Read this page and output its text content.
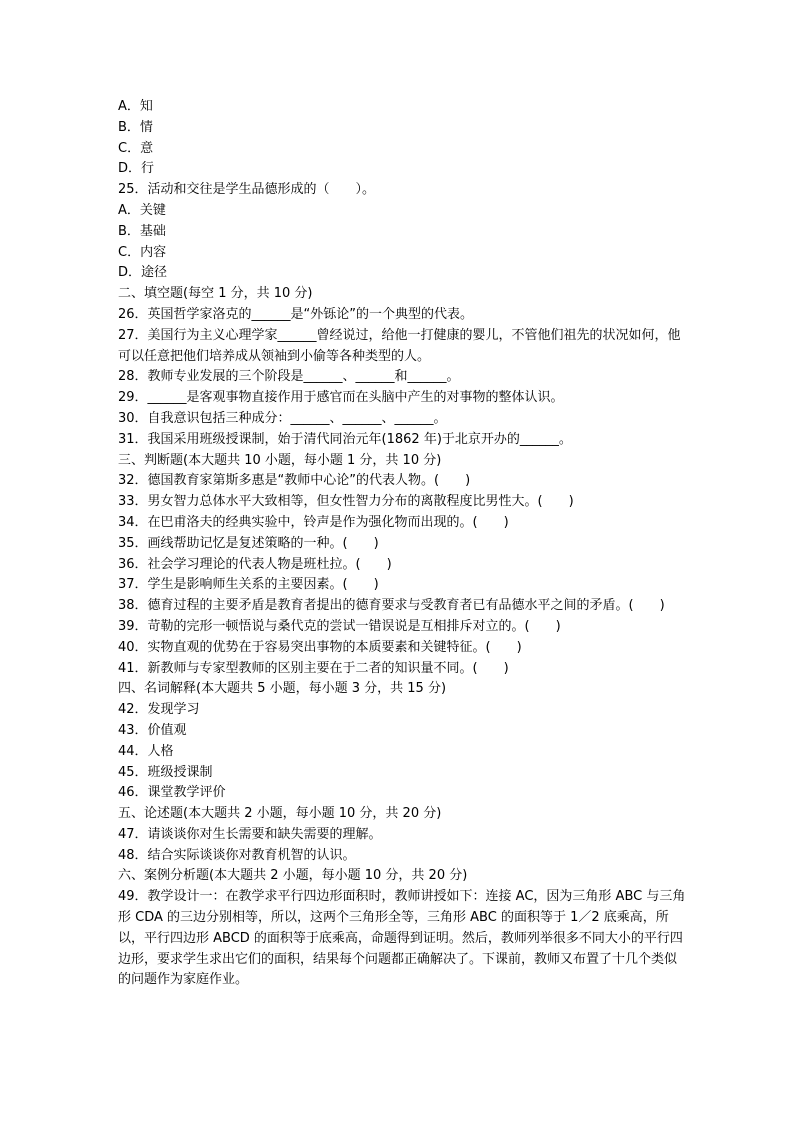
A．知

B．情

C．意

D．行

25．活动和交往是学生品德形成的（　　）。

A．关键

B．基础

C．内容

D．途径

二、填空题(每空 1 分，共 10 分)

26．英国哲学家洛克的______是“外铄论”的一个典型的代表。

27．美国行为主义心理学家______曾经说过，给他一打健康的婴儿，不管他们祖先的状况如何，他可以任意把他们培养成从领袖到小偷等各种类型的人。

28．教师专业发展的三个阶段是______、______和______。

29．______是客观事物直接作用于感官而在头脑中产生的对事物的整体认识。

30．自我意识包括三种成分：______、______、______。

31．我国采用班级授课制，始于清代同治元年(1862 年)于北京开办的______。

三、判断题(本大题共 10 小题，每小题 1 分，共 10 分)

32．德国教育家第斯多惠是“教师中心论”的代表人物。(　　)

33．男女智力总体水平大致相等，但女性智力分布的离散程度比男性大。(　　)

34．在巴甫洛夫的经典实验中，铃声是作为强化物而出现的。(　　)

35．画线帮助记忆是复述策略的一种。(　　)

36．社会学习理论的代表人物是班杜拉。(　　)

37．学生是影响师生关系的主要因素。(　　)

38．德育过程的主要矛盾是教育者提出的德育要求与受教育者已有品德水平之间的矛盾。(　　)

39．苛勒的完形一顿悟说与桑代克的尝试一错误说是互相排斥对立的。(　　)

40．实物直观的优势在于容易突出事物的本质要素和关键特征。(　　)

41．新教师与专家型教师的区别主要在于二者的知识量不同。(　　)

四、名词解释(本大题共 5 小题，每小题 3 分，共 15 分)

42．发现学习

43．价值观

44．人格

45．班级授课制

46．课堂教学评价

五、论述题(本大题共 2 小题，每小题 10 分，共 20 分)

47．请谈谈你对生长需要和缺失需要的理解。

48．结合实际谈谈你对教育机智的认识。

六、案例分析题(本大题共 2 小题，每小题 10 分，共 20 分)

49．教学设计一：在教学求平行四边形面积时，教师讲授如下：连接 AC，因为三角形 ABC 与三角形 CDA 的三边分别相等，所以，这两个三角形全等，三角形 ABC 的面积等于 1／2 底乘高，所以，平行四边形 ABCD 的面积等于底乘高，命题得到证明。然后，教师列举很多不同大小的平行四边形，要求学生求出它们的面积，结果每个问题都正确解决了。下课前，教师又布置了十几个类似的问题作为家庭作业。
